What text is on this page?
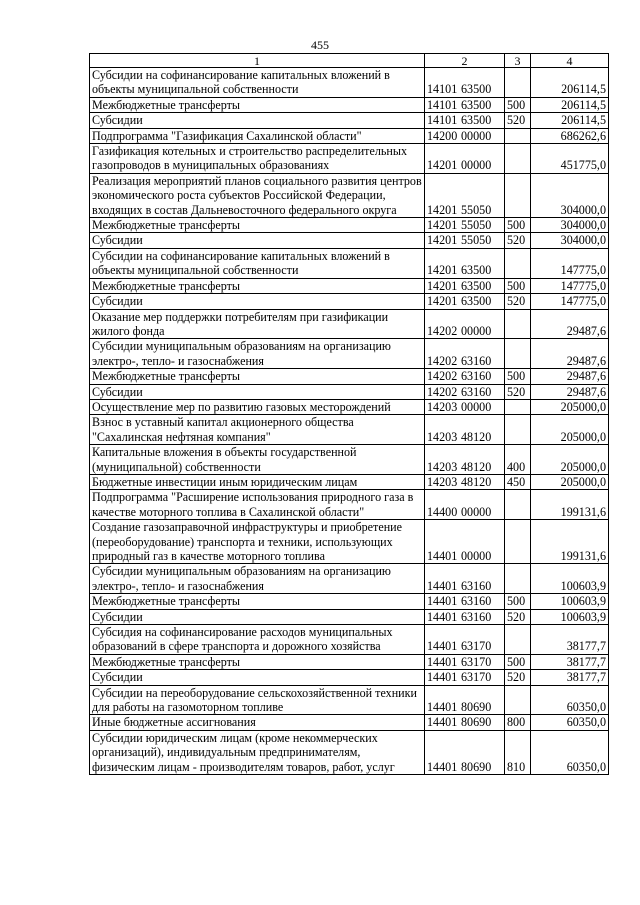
455
1	2	3	4
Субсидии на софинансирование капитальных вложений в объекты муниципальной собственности	14101 63500		206114,5
Межбюджетные трансферты	14101 63500	500	206114,5
Субсидии	14101 63500	520	206114,5
Подпрограмма "Газификация Сахалинской области"	14200 00000		686262,6
Газификация котельных и строительство распределительных газопроводов в муниципальных образованиях	14201 00000		451775,0
Реализация мероприятий планов социального развития центров экономического роста субъектов Российской Федерации, входящих в состав Дальневосточного федерального округа	14201 55050		304000,0
Межбюджетные трансферты	14201 55050	500	304000,0
Субсидии	14201 55050	520	304000,0
Субсидии на софинансирование капитальных вложений в объекты муниципальной собственности	14201 63500		147775,0
Межбюджетные трансферты	14201 63500	500	147775,0
Субсидии	14201 63500	520	147775,0
Оказание мер поддержки потребителям при газификации жилого фонда	14202 00000		29487,6
Субсидии муниципальным образованиям на организацию электро-, тепло- и газоснабжения	14202 63160		29487,6
Межбюджетные трансферты	14202 63160	500	29487,6
Субсидии	14202 63160	520	29487,6
Осуществление мер по развитию газовых месторождений	14203 00000		205000,0
Взнос в уставный капитал акционерного общества "Сахалинская нефтяная компания"	14203 48120		205000,0
Капитальные вложения в объекты государственной (муниципальной) собственности	14203 48120	400	205000,0
Бюджетные инвестиции иным юридическим лицам	14203 48120	450	205000,0
Подпрограмма "Расширение использования природного газа в качестве моторного топлива в Сахалинской области"	14400 00000		199131,6
Создание газозаправочной инфраструктуры и приобретение (переоборудование) транспорта и техники, использующих природный газ в качестве моторного топлива	14401 00000		199131,6
Субсидии муниципальным образованиям на организацию электро-, тепло- и газоснабжения	14401 63160		100603,9
Межбюджетные трансферты	14401 63160	500	100603,9
Субсидии	14401 63160	520	100603,9
Субсидия на софинансирование расходов муниципальных образований в сфере транспорта и дорожного хозяйства	14401 63170		38177,7
Межбюджетные трансферты	14401 63170	500	38177,7
Субсидии	14401 63170	520	38177,7
Субсидии на переоборудование сельскохозяйственной техники для работы на газомоторном топливе	14401 80690		60350,0
Иные бюджетные ассигнования	14401 80690	800	60350,0
Субсидии юридическим лицам (кроме некоммерческих организаций), индивидуальным предпринимателям, физическим лицам - производителям товаров, работ, услуг	14401 80690	810	60350,0
